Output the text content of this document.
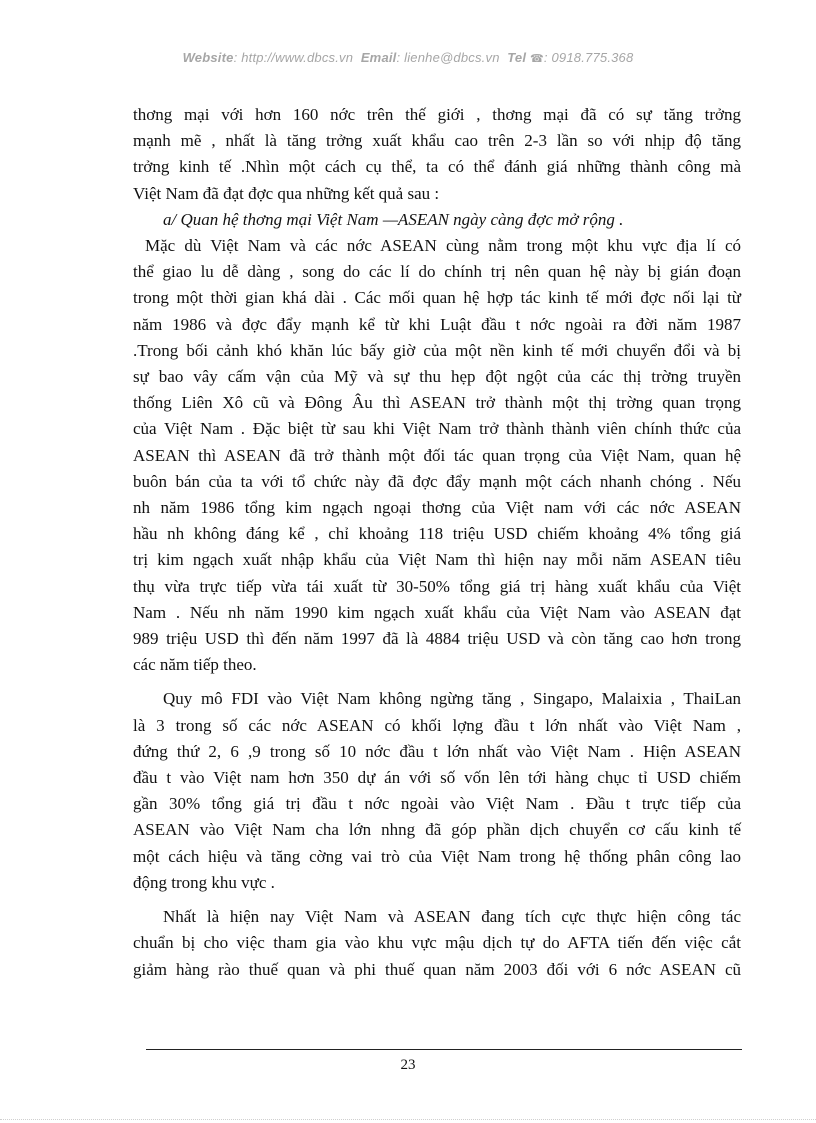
Website: http://www.dbcs.vn Email: lienhe@dbcs.vn Tel ☎: 0918.775.368
thơng mại với hơn 160 nớc trên thế giới , thơng mại đã có sự tăng trởng
mạnh mẽ , nhất là tăng trởng xuất khẩu cao trên 2-3 lần so với nhịp độ tăng
trởng kinh tế .Nhìn một cách cụ thể, ta có thể đánh giá những thành công mà
Việt Nam đã đạt đợc qua những kết quả sau :
a/ Quan hệ thơng mại Việt Nam —ASEAN ngày càng đợc mở rộng .
Mặc dù Việt Nam và các nớc ASEAN cùng nằm trong một khu vực địa lí có
thể giao lu dễ dàng , song do các lí do chính trị nên quan hệ này bị gián đoạn
trong một thời gian khá dài . Các mối quan hệ hợp tác kinh tế mới đợc nối lại từ
năm 1986 và đợc đẩy mạnh kể từ khi Luật đầu t nớc ngoài ra đời năm 1987
.Trong bối cảnh khó khăn lúc bấy giờ của một nền kinh tế mới chuyển đổi và bị
sự bao vây cấm vận của Mỹ và sự thu hẹp đột ngột của các thị trờng truyền
thống Liên Xô cũ và Đông Âu thì ASEAN trở thành một thị trờng quan trọng
của Việt Nam . Đặc biệt từ sau khi Việt Nam trở thành thành viên chính thức của
ASEAN thì ASEAN đã trở thành một đối tác quan trọng của Việt Nam, quan hệ
buôn bán của ta với tổ chức này đã đợc đẩy mạnh một cách nhanh chóng . Nếu
nh năm 1986 tổng kim ngạch ngoại thơng của Việt nam với các nớc ASEAN
hầu nh không đáng kể , chỉ khoảng 118 triệu USD chiếm khoảng 4% tổng giá
trị kim ngạch xuất nhập khẩu của Việt Nam thì hiện nay mỗi năm ASEAN tiêu
thụ vừa trực tiếp vừa tái xuất từ 30-50% tổng giá trị hàng xuất khẩu của Việt
Nam . Nếu nh năm 1990 kim ngạch xuất khẩu của Việt Nam vào ASEAN đạt
989 triệu USD thì đến năm 1997 đã là 4884 triệu USD và còn tăng cao hơn trong
các năm tiếp theo.
Quy mô FDI vào Việt Nam không ngừng tăng , Singapo, Malaixia , ThaiLan
là 3 trong số các nớc ASEAN có khối lợng đầu t lớn nhất vào Việt Nam ,
đứng thứ 2, 6 ,9 trong số 10 nớc đầu t lớn nhất vào Việt Nam . Hiện ASEAN
đầu t vào Việt nam hơn 350 dự án với số vốn lên tới hàng chục tỉ USD chiếm
gần 30% tổng giá trị đầu t nớc ngoài vào Việt Nam . Đầu t trực tiếp của
ASEAN vào Việt Nam cha lớn nhng đã góp phần dịch chuyển cơ cấu kinh tế
một cách hiệu và tăng cờng vai trò của Việt Nam trong hệ thống phân công lao
động trong khu vực .
Nhất là hiện nay Việt Nam và ASEAN đang tích cực thực hiện công tác
chuẩn bị cho việc tham gia vào khu vực mậu dịch tự do AFTA tiến đến việc cắt
giảm hàng rào thuế quan và phi thuế quan năm 2003 đối với 6 nớc ASEAN cũ
23
